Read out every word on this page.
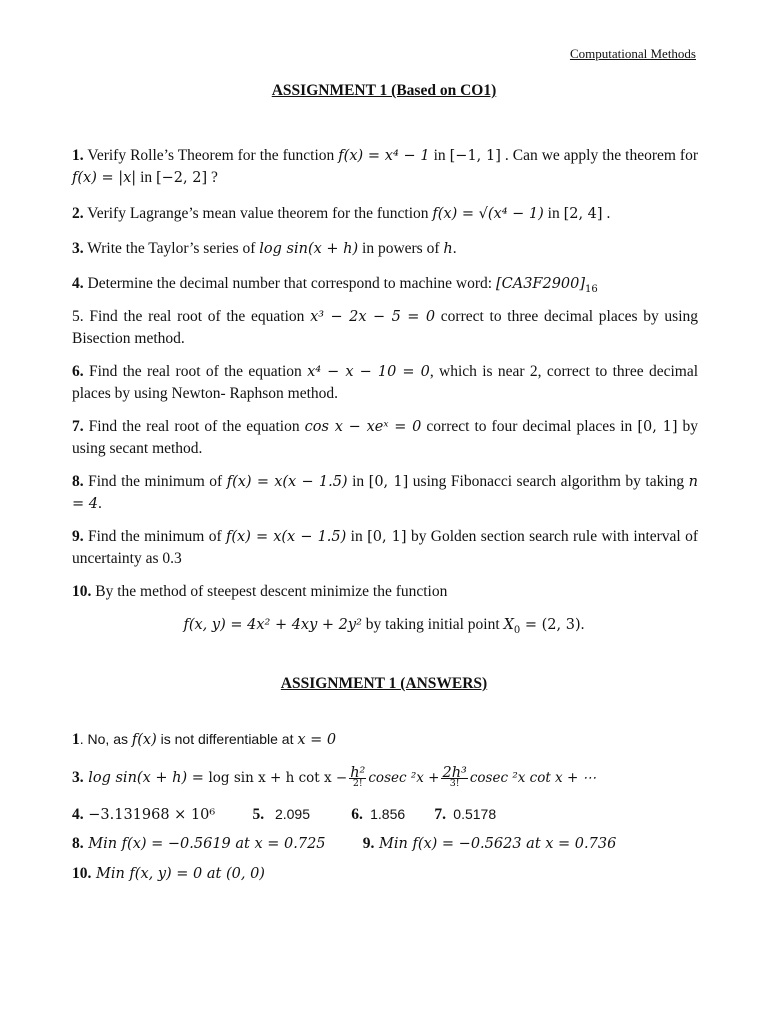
Computational Methods
ASSIGNMENT 1 (Based on CO1)
1. Verify Rolle’s Theorem for the function f(x) = x⁴ − 1 in [−1, 1] . Can we apply the theorem for f(x) = |x| in [−2, 2] ?
2. Verify Lagrange’s mean value theorem for the function f(x) = √(x⁴ − 1) in [2, 4] .
3. Write the Taylor’s series of log sin(x + h) in powers of h.
4. Determine the decimal number that correspond to machine word: $[CA3F2900]_{16}$
5. Find the real root of the equation x³ − 2x − 5 = 0 correct to three decimal places by using Bisection method.
6. Find the real root of the equation x⁴ − x − 10 = 0, which is near 2, correct to three decimal places by using Newton- Raphson method.
7. Find the real root of the equation cos x − xeˣ = 0 correct to four decimal places in [0, 1] by using secant method.
8. Find the minimum of f(x) = x(x − 1.5) in [0, 1] using Fibonacci search algorithm by taking n = 4.
9. Find the minimum of f(x) = x(x − 1.5) in [0, 1] by Golden section search rule with interval of uncertainty as 0.3
10. By the method of steepest descent minimize the function
f(x, y) = 4x² + 4xy + 2y² by taking initial point $X_0 = (2$, 3).
ASSIGNMENT 1 (ANSWERS)
1. No, as f(x) is not differentiable at x = 0
3. log sin(x + h) = log sin x + h $\cot x - \frac{\text{h²}}{2!}$ cosec $^2x + \frac{\text{2h³}}{3!}$ cosec ²x cot x + ⋯
4. −3.131968 × 10⁶ 5. 2.095	6. 1.856 7. 0.5178
8. Min f(x) = −0.5619 at x = 0.725 9. Min f(x) = −0.5623 at x = 0.736
10. Min f(x, y) = 0 at (0, 0)
